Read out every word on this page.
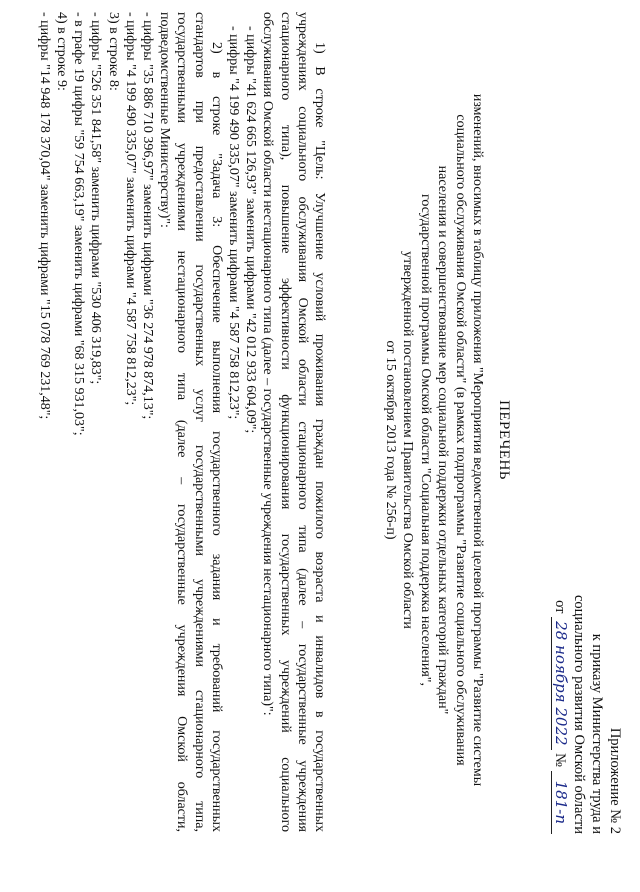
Приложение № 2
к приказу Министерства труда и
социального развития Омской области
от 28 ноября 2022 № 181-п
ПЕРЕЧЕНЬ
изменений, вносимых в таблицу приложения "Мероприятия ведомственной целевой программы "Развитие системы
социального обслуживания Омской области" (в рамках подпрограммы "Развитие социального обслуживания
населения и совершенствование мер социальной поддержки отдельных категорий граждан"
государственной программы Омской области "Социальная поддержка населения",
утвержденной постановлением Правительства Омской области
от 15 октября 2013 года № 256-п)
1) В строке "Цель: Улучшение условий проживания граждан пожилого возраста и инвалидов в государственных
учреждениях социального обслуживания Омской области стационарного типа (далее – государственные учреждения
стационарного типа), повышение эффективности функционирования государственных учреждений социального
обслуживания Омской области нестационарного типа (далее – государственные учреждения нестационарного типа)":
- цифры "41 624 665 126,93" заменить цифрами "42 012 933 604,09";
- цифры "4 199 490 335,07" заменить цифрами "4 587 758 812,23";
2) в строке "Задача 3: Обеспечение выполнения государственного задания и требований государственных
стандартов при предоставлении государственных услуг государственными учреждениями стационарного типа,
государственными учреждениями нестационарного типа (далее – государственные учреждения Омской области,
подведомственные Министерству)":
- цифры "35 886 710 396,97" заменить цифрами "36 274 978 874,13";
- цифры "4 199 490 335,07" заменить цифрами "4 587 758 812,23";
3) в строке 8:
- цифры "526 351 841,58" заменить цифрами "530 406 319,83";
- в графе 19 цифры "59 754 663,19" заменить цифрами "68 315 931,03";
4) в строке 9:
- цифры "14 948 178 370,04" заменить цифрами "15 078 769 231,48";
